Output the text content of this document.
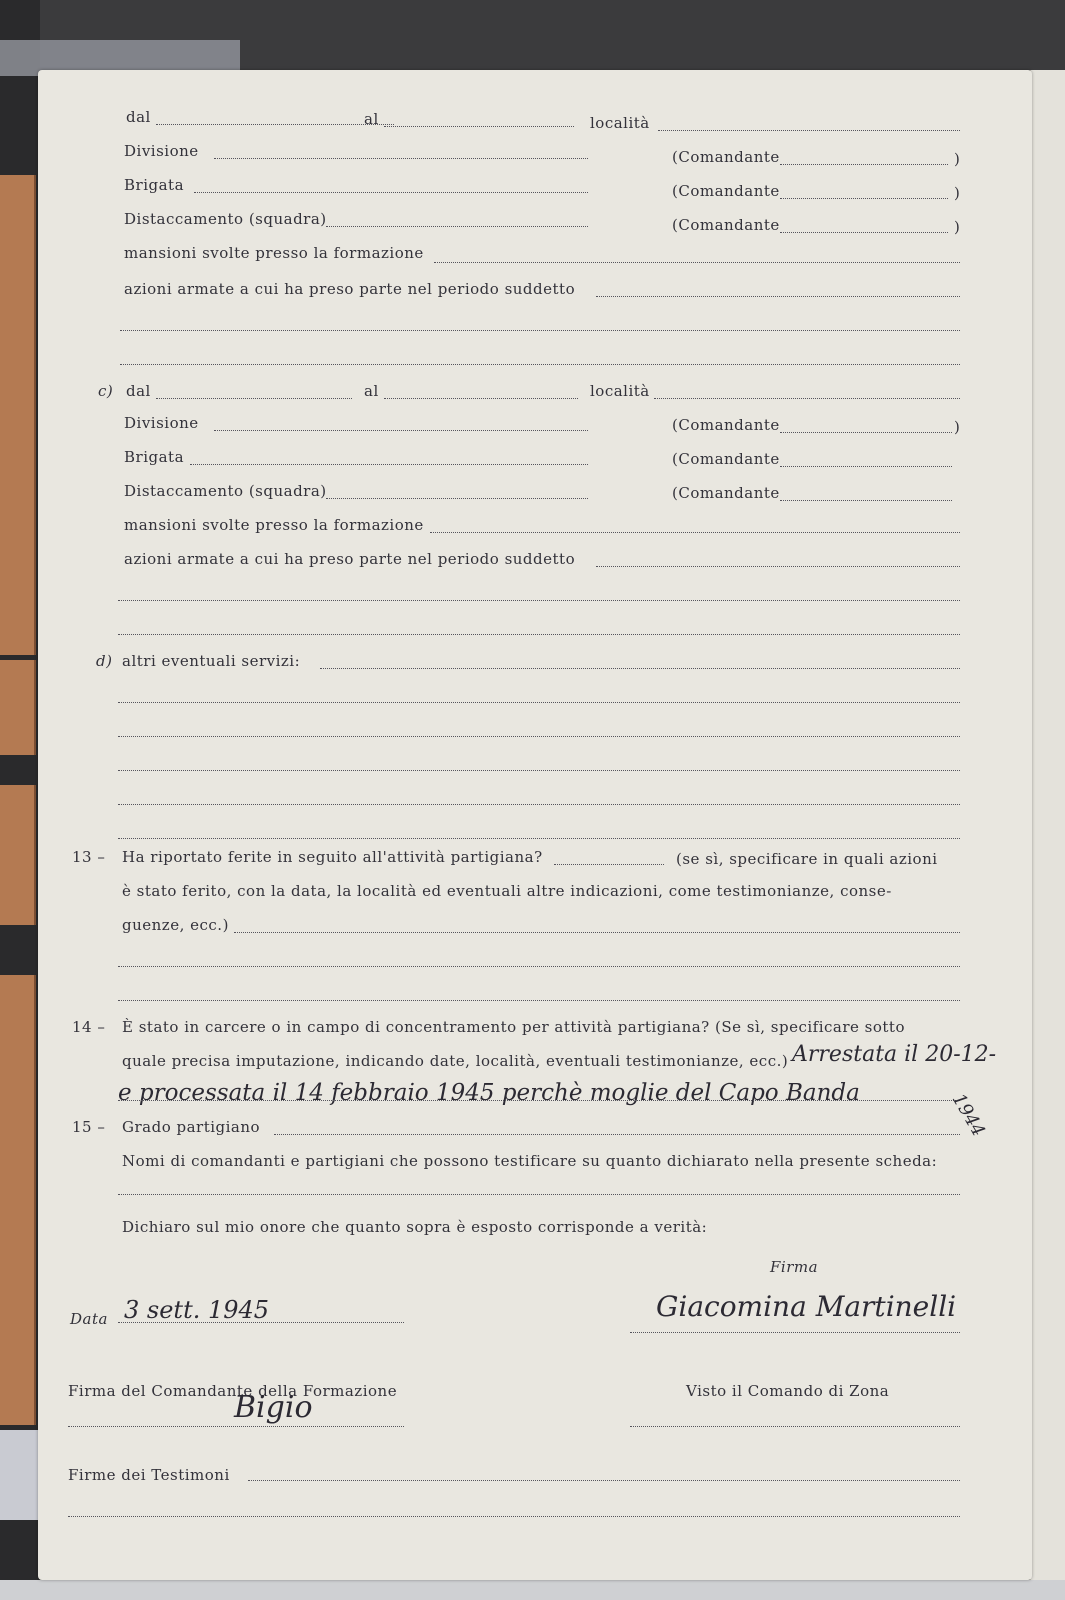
dal	al	località
Divisione	(Comandante	)
Brigata	(Comandante	)
Distaccamento (squadra)	(Comandante	)
mansioni svolte presso la formazione
azioni armate a cui ha preso parte nel periodo suddetto
c) dal	al	località
Divisione	(Comandante	)
Brigata	(Comandante
Distaccamento (squadra)	(Comandante
mansioni svolte presso la formazione
azioni armate a cui ha preso parte nel periodo suddetto
d) altri eventuali servizi:
13 – Ha riportato ferite in seguito all'attività partigiana?	(se sì, specificare in quali azioni
è stato ferito, con la data, la località ed eventuali altre indicazioni, come testimonianze, conse-
guenze, ecc.)
14 – È stato in carcere o in campo di concentramento per attività partigiana? (Se sì, specificare sotto
quale precisa imputazione, indicando date, località, eventuali testimonianze, ecc.) Arrestata il 20-12-
e processata il 14 febbraio 1945 perchè moglie del Capo Banda	1944
15 – Grado partigiano
Nomi di comandanti e partigiani che possono testificare su quanto dichiarato nella presente scheda:
Dichiaro sul mio onore che quanto sopra è esposto corrisponde a verità:
Firma
Data 3 sett. 1945	Giacomina Martinelli
Firma del Comandante della Formazione	Visto il Comando di Zona
Bigio
Firme dei Testimoni
